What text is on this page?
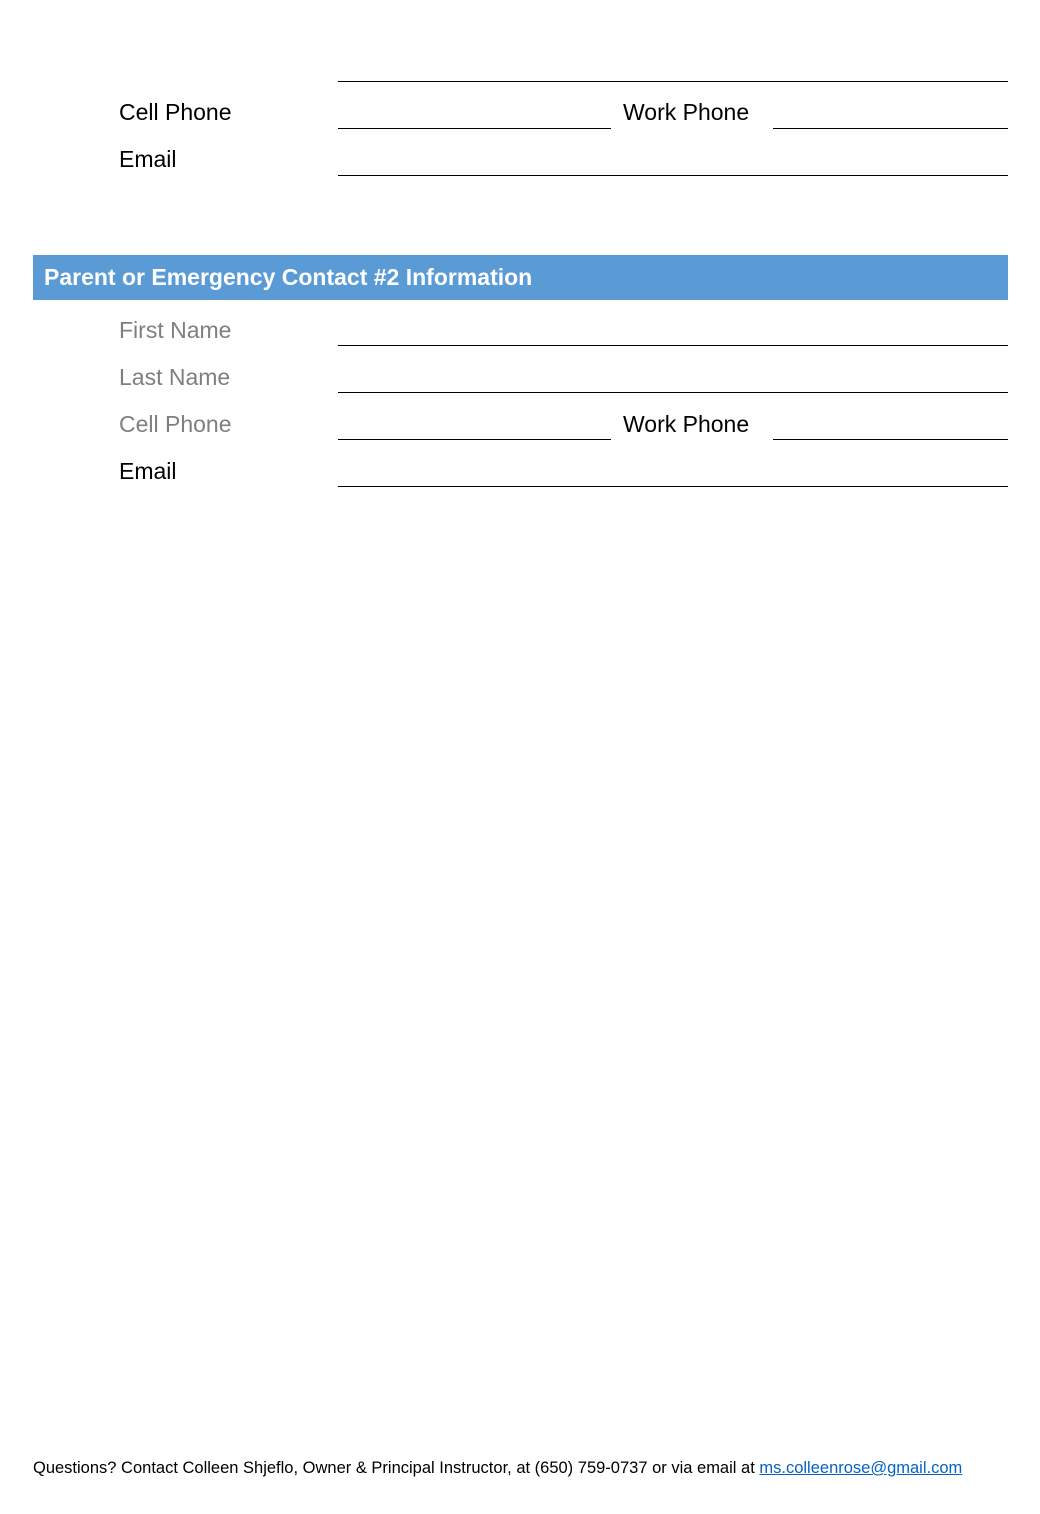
Cell Phone	Work Phone
Email
Parent or Emergency Contact #2 Information
First Name
Last Name
Cell Phone	Work Phone
Email
Questions? Contact Colleen Shjeflo, Owner & Principal Instructor, at (650) 759-0737 or via email at ms.colleenrose@gmail.com
